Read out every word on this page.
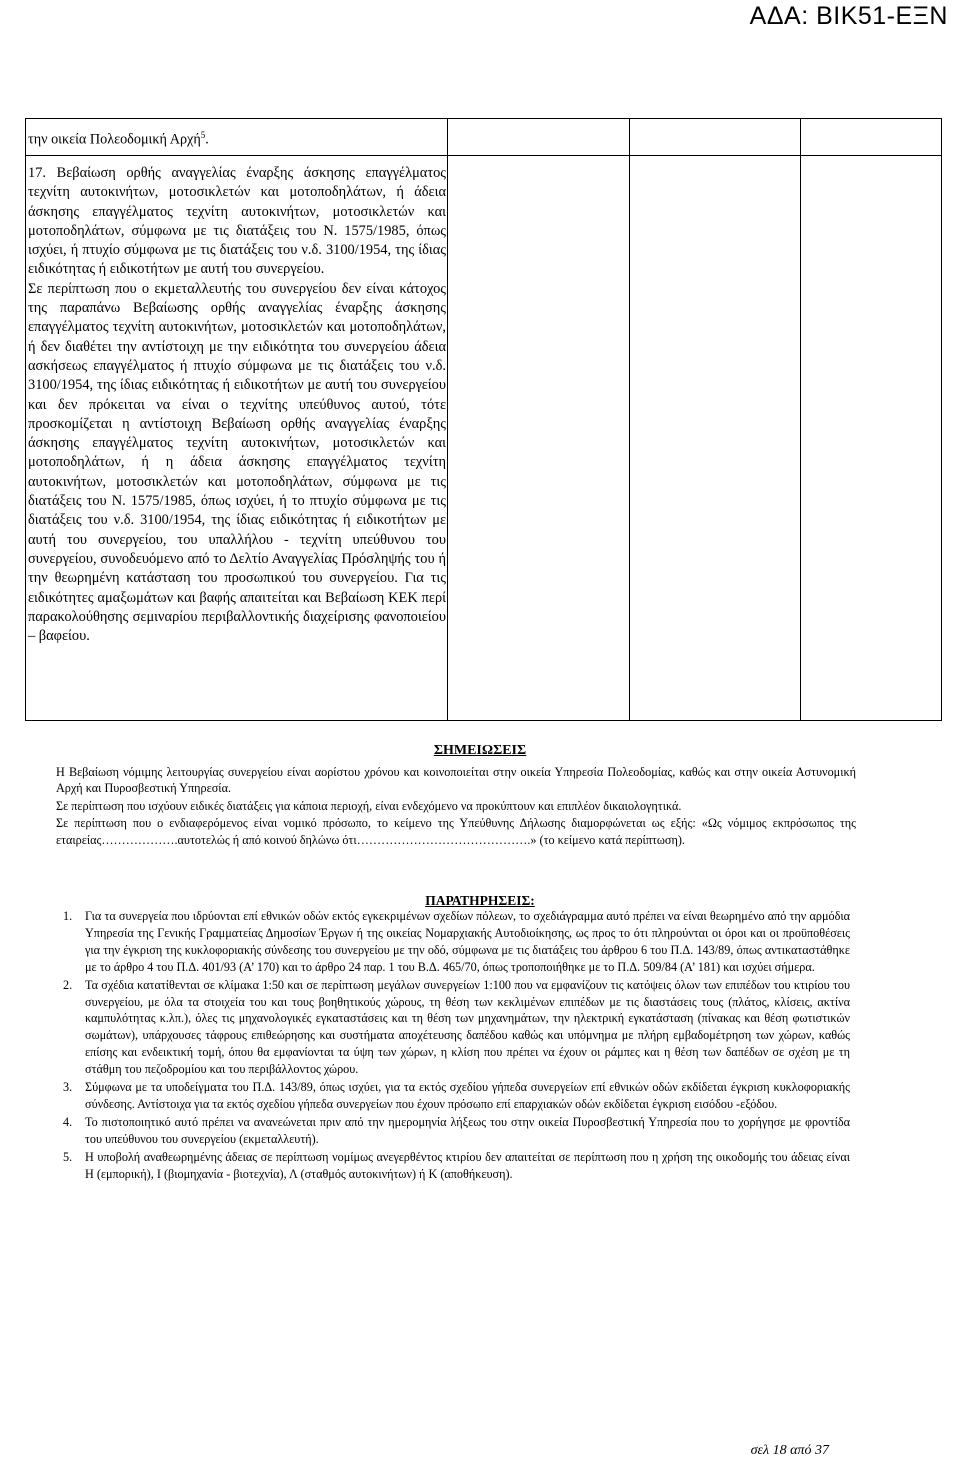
ΑΔΑ: ΒΙΚ51-ΕΞΝ
την οικεία Πολεοδομική Αρχή$^5$.

17. Βεβαίωση ορθής αναγγελίας έναρξης άσκησης επαγγέλματος τεχνίτη αυτοκινήτων, μοτοσικλετών και μοτοποδηλάτων, ή άδεια άσκησης επαγγέλματος τεχνίτη αυτοκινήτων, μοτοσικλετών και μοτοποδηλάτων, σύμφωνα με τις διατάξεις του Ν. 1575/1985, όπως ισχύει, ή πτυχίο σύμφωνα με τις διατάξεις του ν.δ. 3100/1954, της ίδιας ειδικότητας ή ειδικοτήτων με αυτή του συνεργείου.

Σε περίπτωση που ο εκμεταλλευτής του συνεργείου δεν είναι κάτοχος της παραπάνω Βεβαίωσης ορθής αναγγελίας έναρξης άσκησης επαγγέλματος τεχνίτη αυτοκινήτων, μοτοσικλετών και μοτοποδηλάτων, ή δεν διαθέτει την αντίστοιχη με την ειδικότητα του συνεργείου άδεια ασκήσεως επαγγέλματος ή πτυχίο σύμφωνα με τις διατάξεις του ν.δ. 3100/1954, της ίδιας ειδικότητας ή ειδικοτήτων με αυτή του συνεργείου και δεν πρόκειται να είναι ο τεχνίτης υπεύθυνος αυτού, τότε προσκομίζεται η αντίστοιχη Βεβαίωση ορθής αναγγελίας έναρξης άσκησης επαγγέλματος τεχνίτη αυτοκινήτων, μοτοσικλετών και μοτοποδηλάτων, ή η άδεια άσκησης επαγγέλματος τεχνίτη αυτοκινήτων, μοτοσικλετών και μοτοποδηλάτων, σύμφωνα με τις διατάξεις του Ν. 1575/1985, όπως ισχύει, ή το πτυχίο σύμφωνα με τις διατάξεις του ν.δ. 3100/1954, της ίδιας ειδικότητας ή ειδικοτήτων με αυτή του συνεργείου, του υπαλλήλου - τεχνίτη υπεύθυνου του συνεργείου, συνοδευόμενο από το Δελτίο Αναγγελίας Πρόσληψής του ή την θεωρημένη κατάσταση του προσωπικού του συνεργείου. Για τις ειδικότητες αμαξωμάτων και βαφής απαιτείται και Βεβαίωση ΚΕΚ περί παρακολούθησης σεμιναρίου περιβαλλοντικής διαχείρισης φανοποιείου – βαφείου.

ΣΗΜΕΙΩΣΕΙΣ

Η Βεβαίωση νόμιμης λειτουργίας συνεργείου είναι αορίστου χρόνου και κοινοποιείται στην οικεία Υπηρεσία Πολεοδομίας, καθώς και στην οικεία Αστυνομική Αρχή και Πυροσβεστική Υπηρεσία.

Σε περίπτωση που ισχύουν ειδικές διατάξεις για κάποια περιοχή, είναι ενδεχόμενο να προκύπτουν και επιπλέον δικαιολογητικά.

Σε περίπτωση που ο ενδιαφερόμενος είναι νομικό πρόσωπο, το κείμενο της Υπεύθυνης Δήλωσης διαμορφώνεται ως εξής: «Ως νόμιμος εκπρόσωπος της εταιρείας……………….αυτοτελώς ή από κοινού δηλώνω ότι…………………………………….» (το κείμενο κατά περίπτωση).

ΠΑΡΑΤΗΡΗΣΕΙΣ:
1. Για τα συνεργεία που ιδρύονται επί εθνικών οδών εκτός εγκεκριμένων σχεδίων πόλεων, το σχεδιάγραμμα αυτό πρέπει να είναι θεωρημένο από την αρμόδια Υπηρεσία της Γενικής Γραμματείας Δημοσίων Έργων ή της οικείας Νομαρχιακής Αυτοδιοίκησης, ως προς το ότι πληρούνται οι όροι και οι προϋποθέσεις για την έγκριση της κυκλοφοριακής σύνδεσης του συνεργείου με την οδό, σύμφωνα με τις διατάξεις του άρθρου 6 του Π.Δ. 143/89, όπως αντικαταστάθηκε με το άρθρο 4 του Π.Δ. 401/93 (Α’ 170) και το άρθρο 24 παρ. 1 του Β.Δ. 465/70, όπως τροποποιήθηκε με το Π.Δ. 509/84 (Α’ 181) και ισχύει σήμερα.
2. Τα σχέδια κατατίθενται σε κλίμακα 1:50 και σε περίπτωση μεγάλων συνεργείων 1:100 που να εμφανίζουν τις κατόψεις όλων των επιπέδων του κτιρίου του συνεργείου, με όλα τα στοιχεία του και τους βοηθητικούς χώρους, τη θέση των κεκλιμένων επιπέδων με τις διαστάσεις τους (πλάτος, κλίσεις, ακτίνα καμπυλότητας κ.λπ.), όλες τις μηχανολογικές εγκαταστάσεις και τη θέση των μηχανημάτων, την ηλεκτρική εγκατάσταση (πίνακας και θέση φωτιστικών σωμάτων), υπάρχουσες τάφρους επιθεώρησης και συστήματα αποχέτευσης δαπέδου καθώς και υπόμνημα με πλήρη εμβαδομέτρηση των χώρων, καθώς επίσης και ενδεικτική τομή, όπου θα εμφανίονται τα ύψη των χώρων, η κλίση που πρέπει να έχουν οι ράμπες και η θέση των δαπέδων σε σχέση με τη στάθμη του πεζοδρομίου και του περιβάλλοντος χώρου.
3. Σύμφωνα με τα υποδείγματα του Π.Δ. 143/89, όπως ισχύει, για τα εκτός σχεδίου γήπεδα συνεργείων επί εθνικών οδών εκδίδεται έγκριση κυκλοφοριακής σύνδεσης. Αντίστοιχα για τα εκτός σχεδίου γήπεδα συνεργείων που έχουν πρόσωπο επί επαρχιακών οδών εκδίδεται έγκριση εισόδου -εξόδου.
4. Το πιστοποιητικό αυτό πρέπει να ανανεώνεται πριν από την ημερομηνία λήξεως του στην οικεία Πυροσβεστική Υπηρεσία που το χορήγησε με φροντίδα του υπεύθυνου του συνεργείου (εκμεταλλευτή).
5. Η υποβολή αναθεωρημένης άδειας σε περίπτωση νομίμως ανεγερθέντος κτιρίου δεν απαιτείται σε περίπτωση που η χρήση της οικοδομής του άδειας είναι Η (εμπορική), Ι (βιομηχανία - βιοτεχνία), Λ (σταθμός αυτοκινήτων) ή Κ (αποθήκευση).
σελ 18 από 37
